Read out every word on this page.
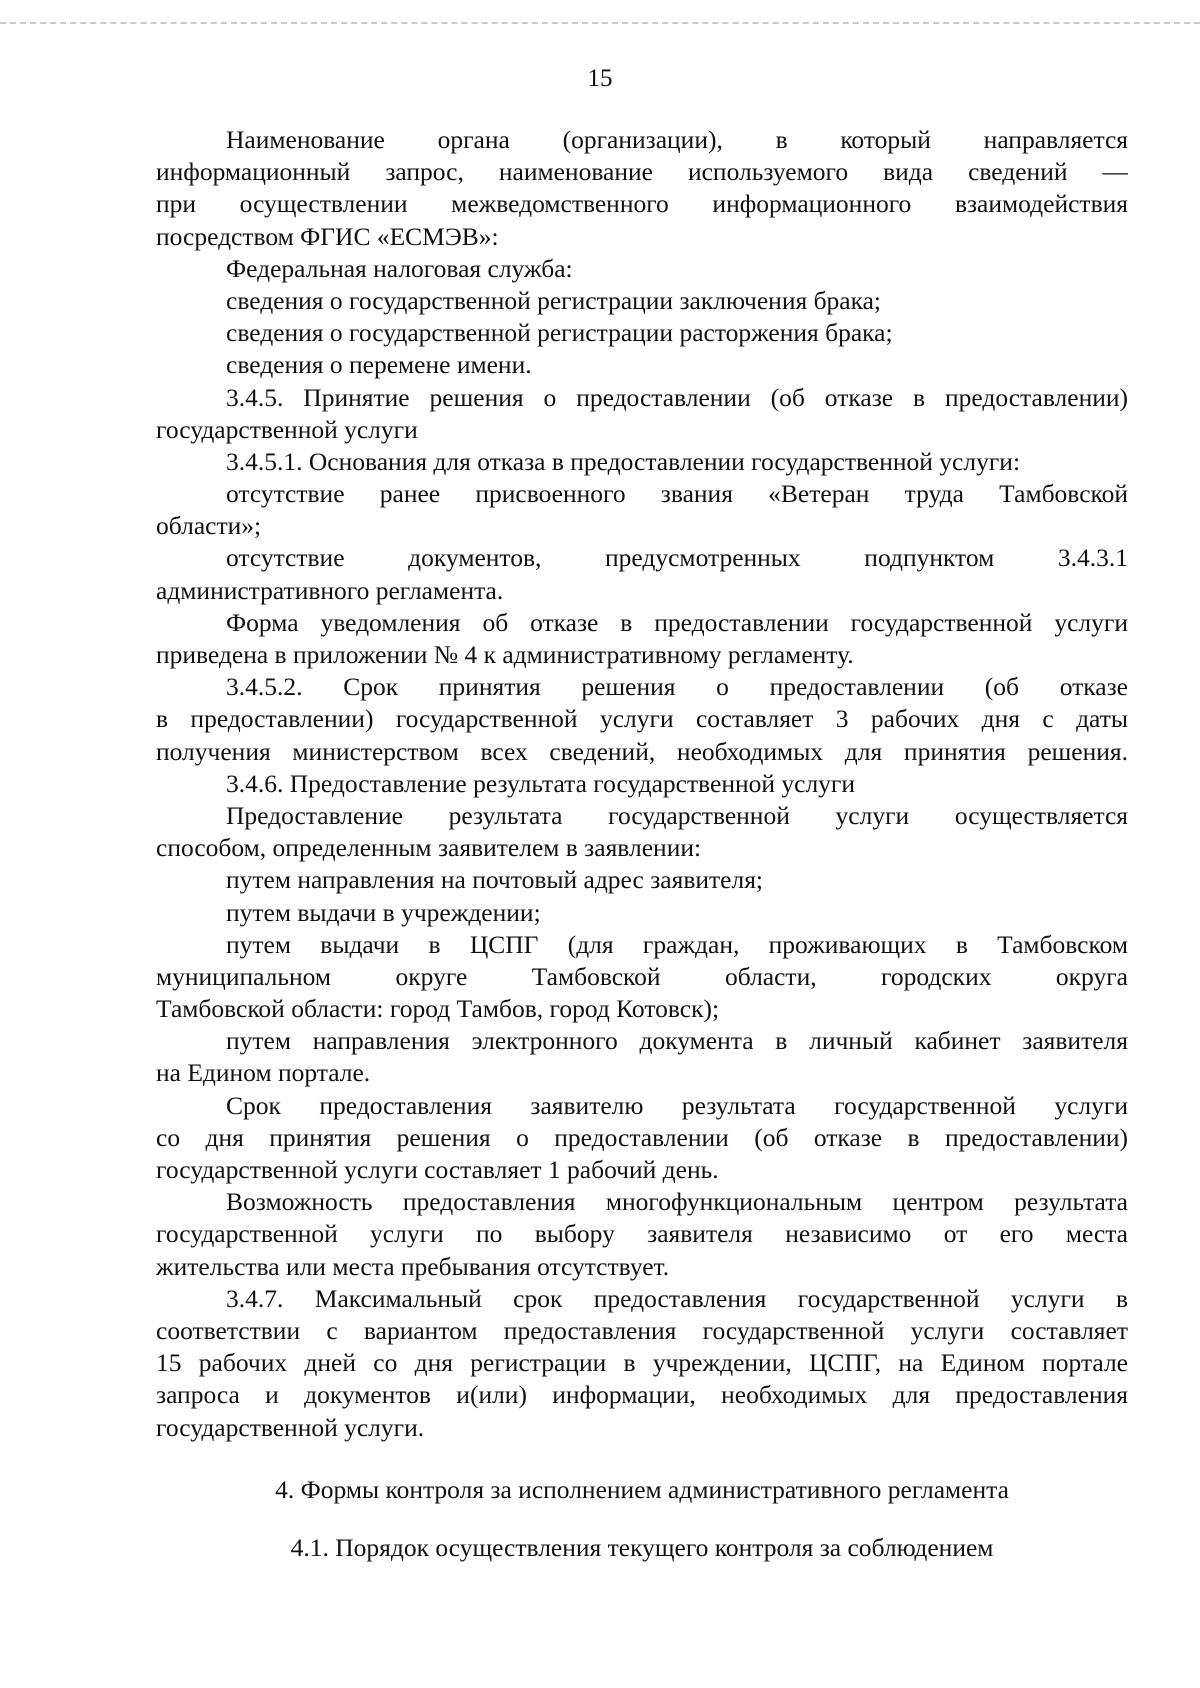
15
Наименование органа (организации), в который направляется
информационный запрос, наименование используемого вида сведений —
при осуществлении межведомственного информационного взаимодействия
посредством ФГИС «ЕСМЭВ»:
Федеральная налоговая служба:
сведения о государственной регистрации заключения брака;
сведения о государственной регистрации расторжения брака;
сведения о перемене имени.
3.4.5. Принятие решения о предоставлении (об отказе в предоставлении)
государственной услуги
3.4.5.1. Основания для отказа в предоставлении государственной услуги:
отсутствие ранее присвоенного звания «Ветеран труда Тамбовской
области»;
отсутствие документов, предусмотренных подпунктом 3.4.3.1
административного регламента.
Форма уведомления об отказе в предоставлении государственной услуги
приведена в приложении № 4 к административному регламенту.
3.4.5.2. Срок принятия решения о предоставлении (об отказе
в предоставлении) государственной услуги составляет 3 рабочих дня с даты
получения министерством всех сведений, необходимых для принятия решения.
3.4.6. Предоставление результата государственной услуги
Предоставление результата государственной услуги осуществляется
способом, определенным заявителем в заявлении:
путем направления на почтовый адрес заявителя;
путем выдачи в учреждении;
путем выдачи в ЦСПГ (для граждан, проживающих в Тамбовском
муниципальном округе Тамбовской области, городских округа
Тамбовской области: город Тамбов, город Котовск);
путем направления электронного документа в личный кабинет заявителя
на Едином портале.
Срок предоставления заявителю результата государственной услуги
со дня принятия решения о предоставлении (об отказе в предоставлении)
государственной услуги составляет 1 рабочий день.
Возможность предоставления многофункциональным центром результата
государственной услуги по выбору заявителя независимо от его места
жительства или места пребывания отсутствует.
3.4.7. Максимальный срок предоставления государственной услуги в
соответствии с вариантом предоставления государственной услуги составляет
15 рабочих дней со дня регистрации в учреждении, ЦСПГ, на Едином портале
запроса и документов и(или) информации, необходимых для предоставления
государственной услуги.
4. Формы контроля за исполнением административного регламента
4.1. Порядок осуществления текущего контроля за соблюдением
